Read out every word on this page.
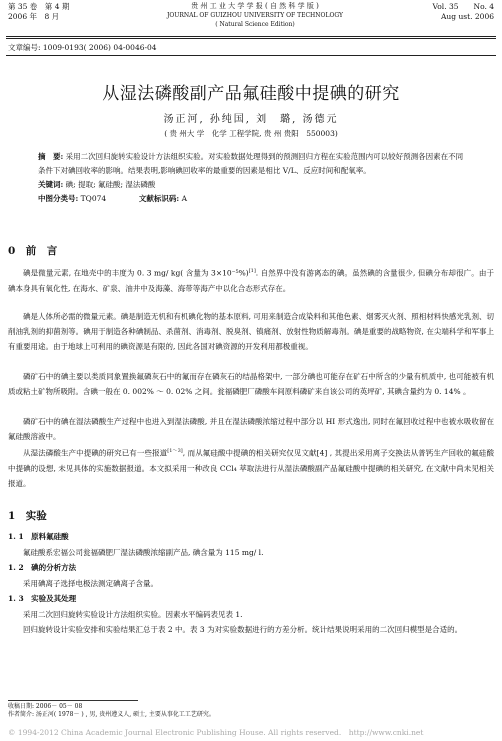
第 35 卷　第 4 期
2006 年　8 月
贵 州 工 业 大 学 学 报 ( 自 然 科 学 版 )
JOURNAL OF GUIZHOU UNIVERSITY OF TECHNOLOGY
( Natural Science Edition)
Vol. 35　　No. 4
Aug ust. 2006
文章编号: 1009-0193( 2006) 04-0046-04
从湿法磷酸副产品氟硅酸中提碘的研究
汤正河, 孙纯国, 刘　璐, 汤德元
( 贵 州大 学　化学 工程学院, 贵 州 贵阳　550003)
摘　要: 采用二次回归旋转实验设计方法组织实验。对实验数据处理得到的预测回归方程在实验范围内可以较好预测各因素在不同条件下对碘回收率的影响。结果表明,影响碘回收率的最重要的因素是相比 V/L、反应时间和配氧率。
关键词: 碘; 提取; 氟硅酸; 湿法磷酸
中图分类号: TQ074	文献标识码: A
0　前　言
碘是微量元素, 在地壳中的丰度为 0. 3 mg/ kg( 含量为 3×10⁻⁵%)[1]. 自然界中没有游离态的碘。虽然碘的含量很少, 但碘分布却很广。由于碘本身具有氧化性, 在海水、矿泉、油井中及海藻、海带等海产中以化合态形式存在。
碘是人体所必需的微量元素。碘是制造无机和有机碘化物的基本原料, 可用来制造合成染料和其他色素、烟雾灭火剂、照相材料快感光乳剂、切削油乳剂的抑菌剂等。碘用于制造各种碘制品、杀菌剂、消毒剂、脱臭剂、镇痛剂、放射性物质解毒剂。碘是重要的战略物资, 在尖端科学和军事上有重要用途。由于地球上可利用的碘资源是有限的, 因此各国对碘资源的开发利用都极重视。
磷矿石中的碘主要以类质同象置换氟磷灰石中的氟而存在磷灰石的结晶格架中, 一部分碘也可能存在矿石中所含的少量有机质中, 也可能被有机质或粘土矿物所吸附。含碘一般在 0. 002% ～ 0. 02% 之间。瓮福磷肥厂磷酸车间原料磷矿来自该公司的英坪矿, 其碘含量约为 0. 14% 。
磷矿石中的碘在湿法磷酸生产过程中也进入到湿法磷酸, 并且在湿法磷酸浓缩过程中部分以 HI 形式逸出, 同时在氟回收过程中也被水吸收留在氟硅酸溶液中。
从湿法磷酸生产中提碘的研究已有一些报道[1～3], 而从氟硅酸中提碘的相关研究仅见文献[4] , 其提出采用离子交换法从普钙生产回收的氟硅酸中提碘的设想, 未见具体的实施数据报道。本文拟采用一种改良 CCl₄ 萃取法进行从湿法磷酸副产品氟硅酸中提碘的相关研究, 在文献中尚未见相关报道。
1　实验
1. 1　原料氟硅酸
氟硅酸系宏福公司瓮福磷肥厂湿法磷酸浓缩副产品, 碘含量为 115 mg/ l.
1. 2　碘的分析方法
采用碘离子选择电极法测定碘离子含量。
1. 3　实验及其处理
采用二次回归旋转实验设计方法组织实验。因素水平编码表见表 1.
回归旋转设计实验安排和实验结果汇总于表 2 中。表 3 为对实验数据进行的方差分析。统计结果说明采用的二次回归模型是合适的。
收稿日期: 2006－ 05－ 08
作者简介: 汤正河( 1978－ ) , 男, 贵州遵义人, 硕士, 主要从事化工工艺研究。
© 1994-2012 China Academic Journal Electronic Publishing House. All rights reserved.　http://www.cnki.net
